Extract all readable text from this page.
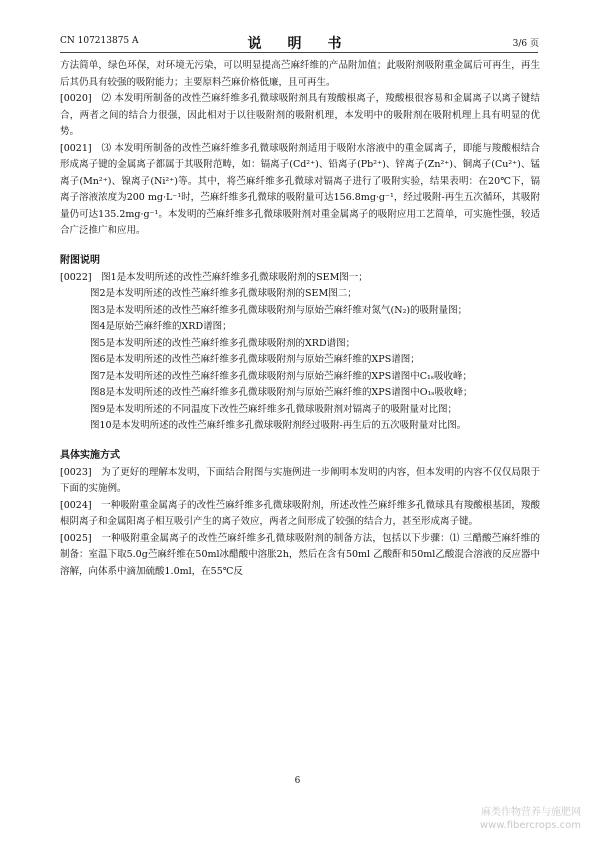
CN 107213875 A	说　明　书	3/6 页

方法简单，绿色环保，对环境无污染，可以明显提高苎麻纤维的产品附加值；此吸附剂吸附重金属后可再生，再生后其仍具有较强的吸附能力；主要原料苎麻价格低廉，且可再生。

[0020]　⑵ 本发明所制备的改性苎麻纤维多孔微球吸附剂具有羧酸根离子，羧酸根很容易和金属离子以离子键结合，两者之间的结合力很强，因此相对于以往吸附剂的吸附机理，本发明中的吸附剂在吸附机理上具有明显的优势。

[0021]　⑶ 本发明所制备的改性苎麻纤维多孔微球吸附剂适用于吸附水溶液中的重金属离子，即能与羧酸根结合形成离子键的金属离子都属于其吸附范畴，如：镉离子(Cd²⁺)、铅离子(Pb²⁺)、锌离子(Zn²⁺)、铜离子(Cu²⁺)、锰离子(Mn²⁺)、镍离子(Ni²⁺)等。其中，将苎麻纤维多孔微球对镉离子进行了吸附实验，结果表明：在20℃下，镉离子溶液浓度为200 mg·L⁻¹时，苎麻纤维多孔微球的吸附量可达156.8mg·g⁻¹，经过吸附-再生五次循环，其吸附量仍可达135.2mg·g⁻¹。本发明的苎麻纤维多孔微球吸附剂对重金属离子的吸附应用工艺简单，可实施性强，较适合广泛推广和应用。

附图说明

[0022]　图1是本发明所述的改性苎麻纤维多孔微球吸附剂的SEM图一；

图2是本发明所述的改性苎麻纤维多孔微球吸附剂的SEM图二；

图3是本发明所述的改性苎麻纤维多孔微球吸附剂与原始苎麻纤维对氮气(N₂)的吸附量图；

图4是原始苎麻纤维的XRD谱图；

图5是本发明所述的改性苎麻纤维多孔微球吸附剂的XRD谱图；

图6是本发明所述的改性苎麻纤维多孔微球吸附剂与原始苎麻纤维的XPS谱图；

图7是本发明所述的改性苎麻纤维多孔微球吸附剂与原始苎麻纤维的XPS谱图中C₁ₛ吸收峰；

图8是本发明所述的改性苎麻纤维多孔微球吸附剂与原始苎麻纤维的XPS谱图中O₁ₛ吸收峰；

图9是本发明所述的不同温度下改性苎麻纤维多孔微球吸附剂对镉离子的吸附量对比图；

图10是本发明所述的改性苎麻纤维多孔微球吸附剂经过吸附-再生后的五次吸附量对比图。

具体实施方式

[0023]　为了更好的理解本发明，下面结合附图与实施例进一步阐明本发明的内容，但本发明的内容不仅仅局限于下面的实施例。

[0024]　一种吸附重金属离子的改性苎麻纤维多孔微球吸附剂，所述改性苎麻纤维多孔微球具有羧酸根基团，羧酸根阴离子和金属阳离子相互吸引产生的离子效应，两者之间形成了较强的结合力，甚至形成离子键。

[0025]　一种吸附重金属离子的改性苎麻纤维多孔微球吸附剂的制备方法，包括以下步骤：⑴ 三醋酸苎麻纤维的制备：室温下取5.0g苎麻纤维在50ml冰醋酸中溶胀2h，然后在含有50ml 乙酸酐和50ml乙酸混合溶液的反应器中溶解，向体系中滴加硫酸1.0ml，在55℃反

6
麻类作物营养与施肥网
www.fibercrops.com
